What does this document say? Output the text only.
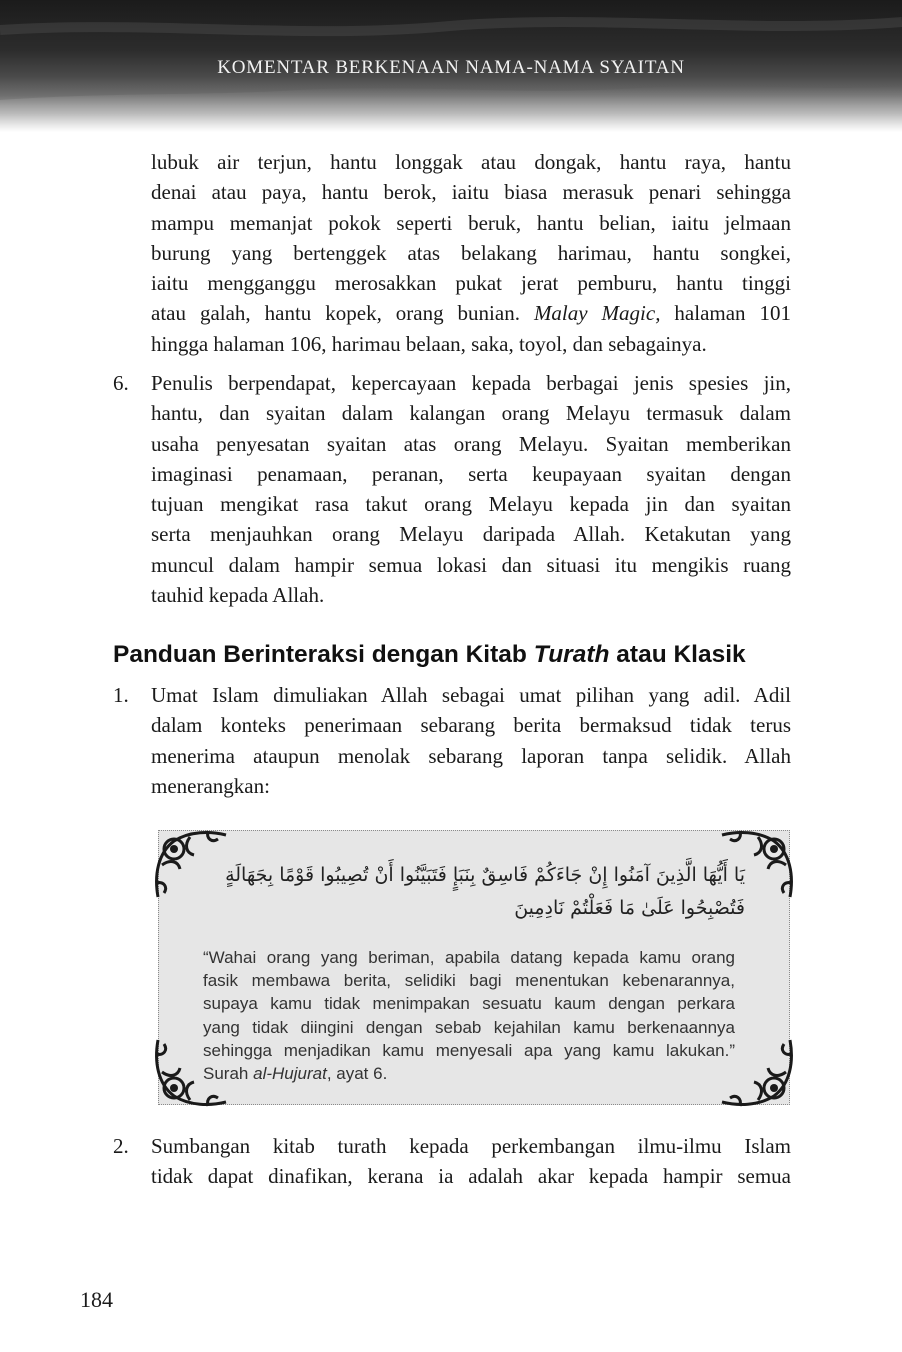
KOMENTAR BERKENAAN NAMA-NAMA SYAITAN
lubuk air terjun, hantu longgak atau dongak, hantu raya, hantu
denai atau paya, hantu berok, iaitu biasa merasuk penari sehingga
mampu memanjat pokok seperti beruk, hantu belian, iaitu jelmaan
burung yang bertenggek atas belakang harimau, hantu songkei,
iaitu mengganggu merosakkan pukat jerat pemburu, hantu tinggi
atau galah, hantu kopek, orang bunian. Malay Magic, halaman 101
hingga halaman 106, harimau belaan, saka, toyol, dan sebagainya.
6. Penulis berpendapat, kepercayaan kepada berbagai jenis spesies jin,
hantu, dan syaitan dalam kalangan orang Melayu termasuk dalam
usaha penyesatan syaitan atas orang Melayu. Syaitan memberikan
imaginasi penamaan, peranan, serta keupayaan syaitan dengan
tujuan mengikat rasa takut orang Melayu kepada jin dan syaitan
serta menjauhkan orang Melayu daripada Allah. Ketakutan yang
muncul dalam hampir semua lokasi dan situasi itu mengikis ruang
tauhid kepada Allah.
Panduan Berinteraksi dengan Kitab Turath atau Klasik
1. Umat Islam dimuliakan Allah sebagai umat pilihan yang adil. Adil
dalam konteks penerimaan sebarang berita bermaksud tidak terus
menerima ataupun menolak sebarang laporan tanpa selidik. Allah
menerangkan:
يَا أَيُّهَا الَّذِينَ آمَنُوا إِنْ جَاءَكُمْ فَاسِقٌ بِنَبَإٍ فَتَبَيَّنُوا أَنْ تُصِيبُوا قَوْمًا بِجَهَالَةٍ
فَتُصْبِحُوا عَلَىٰ مَا فَعَلْتُمْ نَادِمِينَ
“Wahai orang yang beriman, apabila datang kepada kamu orang
fasik membawa berita, selidiki bagi menentukan kebenarannya,
supaya kamu tidak menimpakan sesuatu kaum dengan perkara
yang tidak diingini dengan sebab kejahilan kamu berkenaannya
sehingga menjadikan kamu menyesali apa yang kamu lakukan.”
Surah al-Hujurat, ayat 6.
2. Sumbangan kitab turath kepada perkembangan ilmu-ilmu Islam
tidak dapat dinafikan, kerana ia adalah akar kepada hampir semua
184
